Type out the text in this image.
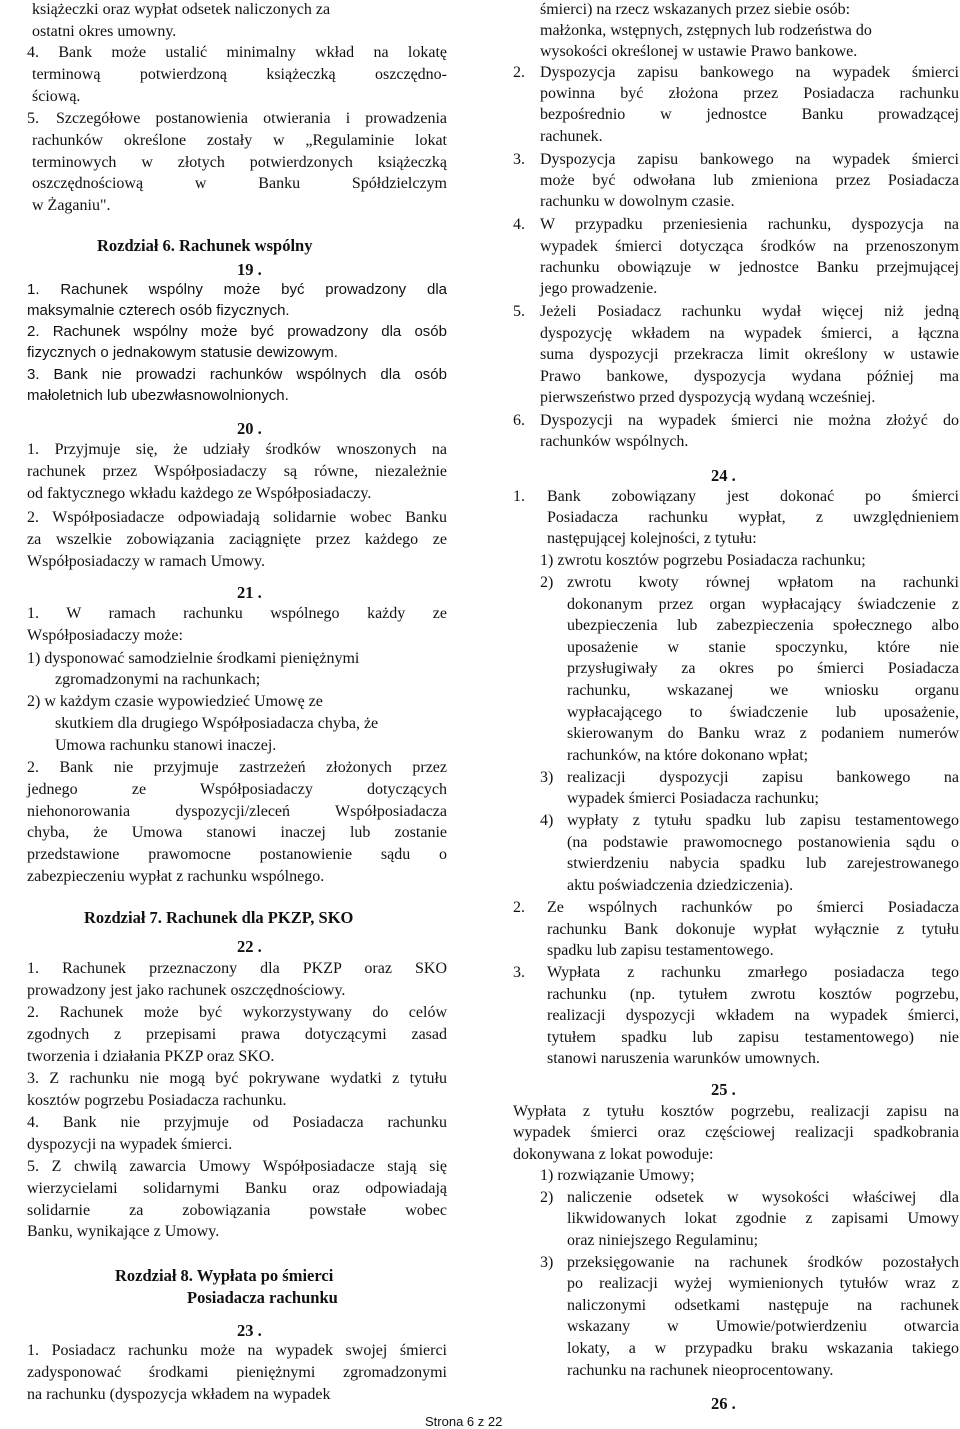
książeczki oraz wypłat odsetek naliczonych za
ostatni okres umowny.
4. Bank może ustalić minimalny wkład na lokatę
terminową potwierdzoną książeczką oszczędno-
ściową.
5. Szczegółowe postanowienia otwierania i prowadzenia
rachunków określone zostały w „Regulaminie lokat
terminowych w złotych potwierdzonych książeczką
oszczędnościową w Banku Spółdzielczym
w Żaganiu".
Rozdział 6. Rachunek wspólny
19 .
1. Rachunek wspólny może być prowadzony dla
maksymalnie czterech osób fizycznych.
2. Rachunek wspólny może być prowadzony dla osób
fizycznych o jednakowym statusie dewizowym.
3. Bank nie prowadzi rachunków wspólnych dla osób
małoletnich lub ubezwłasnowolnionych.
20 .
1. Przyjmuje się, że udziały środków wnoszonych na
rachunek przez Współposiadaczy są równe, niezależnie
od faktycznego wkładu każdego ze Współposiadaczy.
2. Współposiadacze odpowiadają solidarnie wobec Banku
za wszelkie zobowiązania zaciągnięte przez każdego ze
Współposiadaczy w ramach Umowy.
21 .
1. W ramach rachunku wspólnego każdy ze
Współposiadaczy może:
1) dysponować samodzielnie środkami pieniężnymi
zgromadzonymi na rachunkach;
2) w każdym czasie wypowiedzieć Umowę ze
skutkiem dla drugiego Współposiadacza chyba, że
Umowa rachunku stanowi inaczej.
2. Bank nie przyjmuje zastrzeżeń złożonych przez
jednego ze Współposiadaczy dotyczących
niehonorowania dyspozycji/zleceń Współposiadacza
chyba, że Umowa stanowi inaczej lub zostanie
przedstawione prawomocne postanowienie sądu o
zabezpieczeniu wypłat z rachunku wspólnego.
Rozdział 7. Rachunek dla PKZP, SKO
22 .
1. Rachunek przeznaczony dla PKZP oraz SKO
prowadzony jest jako rachunek oszczędnościowy.
2. Rachunek może być wykorzystywany do celów
zgodnych z przepisami prawa dotyczącymi zasad
tworzenia i działania PKZP oraz SKO.
3. Z rachunku nie mogą być pokrywane wydatki z tytułu
kosztów pogrzebu Posiadacza rachunku.
4. Bank nie przyjmuje od Posiadacza rachunku
dyspozycji na wypadek śmierci.
5. Z chwilą zawarcia Umowy Współposiadacze stają się
wierzycielami solidarnymi Banku oraz odpowiadają
solidarnie za zobowiązania powstałe wobec
Banku, wynikające z Umowy.
Rozdział 8. Wypłata po śmierci
Posiadacza rachunku
23 .
1. Posiadacz rachunku może na wypadek swojej śmierci
zadysponować środkami pieniężnymi zgromadzonymi
na rachunku (dyspozycja wkładem na wypadek
śmierci) na rzecz wskazanych przez siebie osób:
małżonka, wstępnych, zstępnych lub rodzeństwa do
wysokości określonej w ustawie Prawo bankowe.
2. Dyspozycja zapisu bankowego na wypadek śmierci
powinna być złożona przez Posiadacza rachunku
bezpośrednio w jednostce Banku prowadzącej
rachunek.
3. Dyspozycja zapisu bankowego na wypadek śmierci
może być odwołana lub zmieniona przez Posiadacza
rachunku w dowolnym czasie.
4. W przypadku przeniesienia rachunku, dyspozycja na
wypadek śmierci dotycząca środków na przenoszonym
rachunku obowiązuje w jednostce Banku przejmującej
jego prowadzenie.
5. Jeżeli Posiadacz rachunku wydał więcej niż jedną
dyspozycję wkładem na wypadek śmierci, a łączna
suma dyspozycji przekracza limit określony w ustawie
Prawo bankowe, dyspozycja wydana później ma
pierwszeństwo przed dyspozycją wydaną wcześniej.
6. Dyspozycji na wypadek śmierci nie można złożyć do
rachunków wspólnych.
24 .
1. Bank zobowiązany jest dokonać po śmierci
Posiadacza rachunku wypłat, z uwzględnieniem
następującej kolejności, z tytułu:
1) zwrotu kosztów pogrzebu Posiadacza rachunku;
2) zwrotu kwoty równej wpłatom na rachunki
dokonanym przez organ wypłacający świadczenie z
ubezpieczenia lub zabezpieczenia społecznego albo
uposażenie w stanie spoczynku, które nie
przysługiwały za okres po śmierci Posiadacza
rachunku, wskazanej we wniosku organu
wypłacającego to świadczenie lub uposażenie,
skierowanym do Banku wraz z podaniem numerów
rachunków, na które dokonano wpłat;
3) realizacji dyspozycji zapisu bankowego na
wypadek śmierci Posiadacza rachunku;
4) wypłaty z tytułu spadku lub zapisu testamentowego
(na podstawie prawomocnego postanowienia sądu o
stwierdzeniu nabycia spadku lub zarejestrowanego
aktu poświadczenia dziedziczenia).
2. Ze wspólnych rachunków po śmierci Posiadacza
rachunku Bank dokonuje wypłat wyłącznie z tytułu
spadku lub zapisu testamentowego.
3. Wypłata z rachunku zmarłego posiadacza tego
rachunku (np. tytułem zwrotu kosztów pogrzebu,
realizacji dyspozycji wkładem na wypadek śmierci,
tytułem spadku lub zapisu testamentowego) nie
stanowi naruszenia warunków umownych.
25 .
Wypłata z tytułu kosztów pogrzebu, realizacji zapisu na
wypadek śmierci oraz częściowej realizacji spadkobrania
dokonywana z lokat powoduje:
1) rozwiązanie Umowy;
2) naliczenie odsetek w wysokości właściwej dla
likwidowanych lokat zgodnie z zapisami Umowy
oraz niniejszego Regulaminu;
3) przeksięgowanie na rachunek środków pozostałych
po realizacji wyżej wymienionych tytułów wraz z
naliczonymi odsetkami następuje na rachunek
wskazany w Umowie/potwierdzeniu otwarcia
lokaty, a w przypadku braku wskazania takiego
rachunku na rachunek nieoprocentowany.
26 .
Strona 6 z 22
